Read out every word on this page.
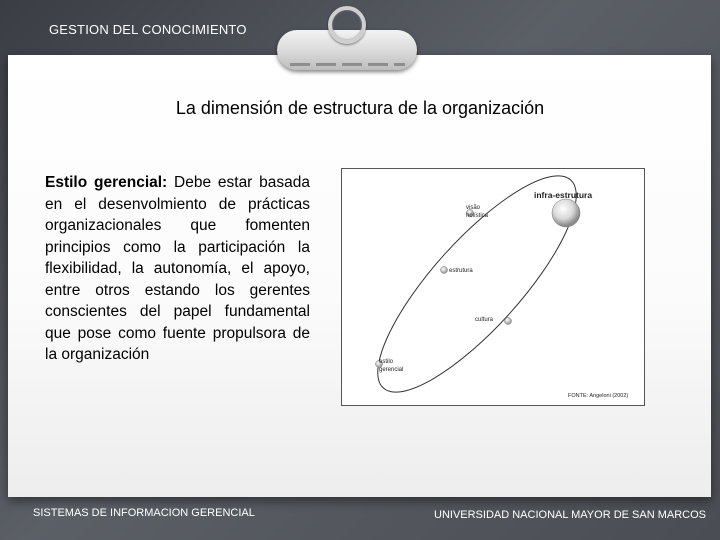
GESTION DEL CONOCIMIENTO
La dimensión de estructura de la organización
Estilo gerencial: Debe estar basada en el desenvolmiento de prácticas organizacionales que fomenten principios como la participación la flexibilidad, la autonomía, el apoyo, entre otros estando los gerentes conscientes del papel fundamental que pose como fuente propulsora de la organización
infra-estrutura
visão
holística
estrutura
cultura
estilo
gerencial
FONTE: Angeloni (2002)
SISTEMAS DE INFORMACION GERENCIAL	UNIVERSIDAD NACIONAL MAYOR DE SAN MARCOS
